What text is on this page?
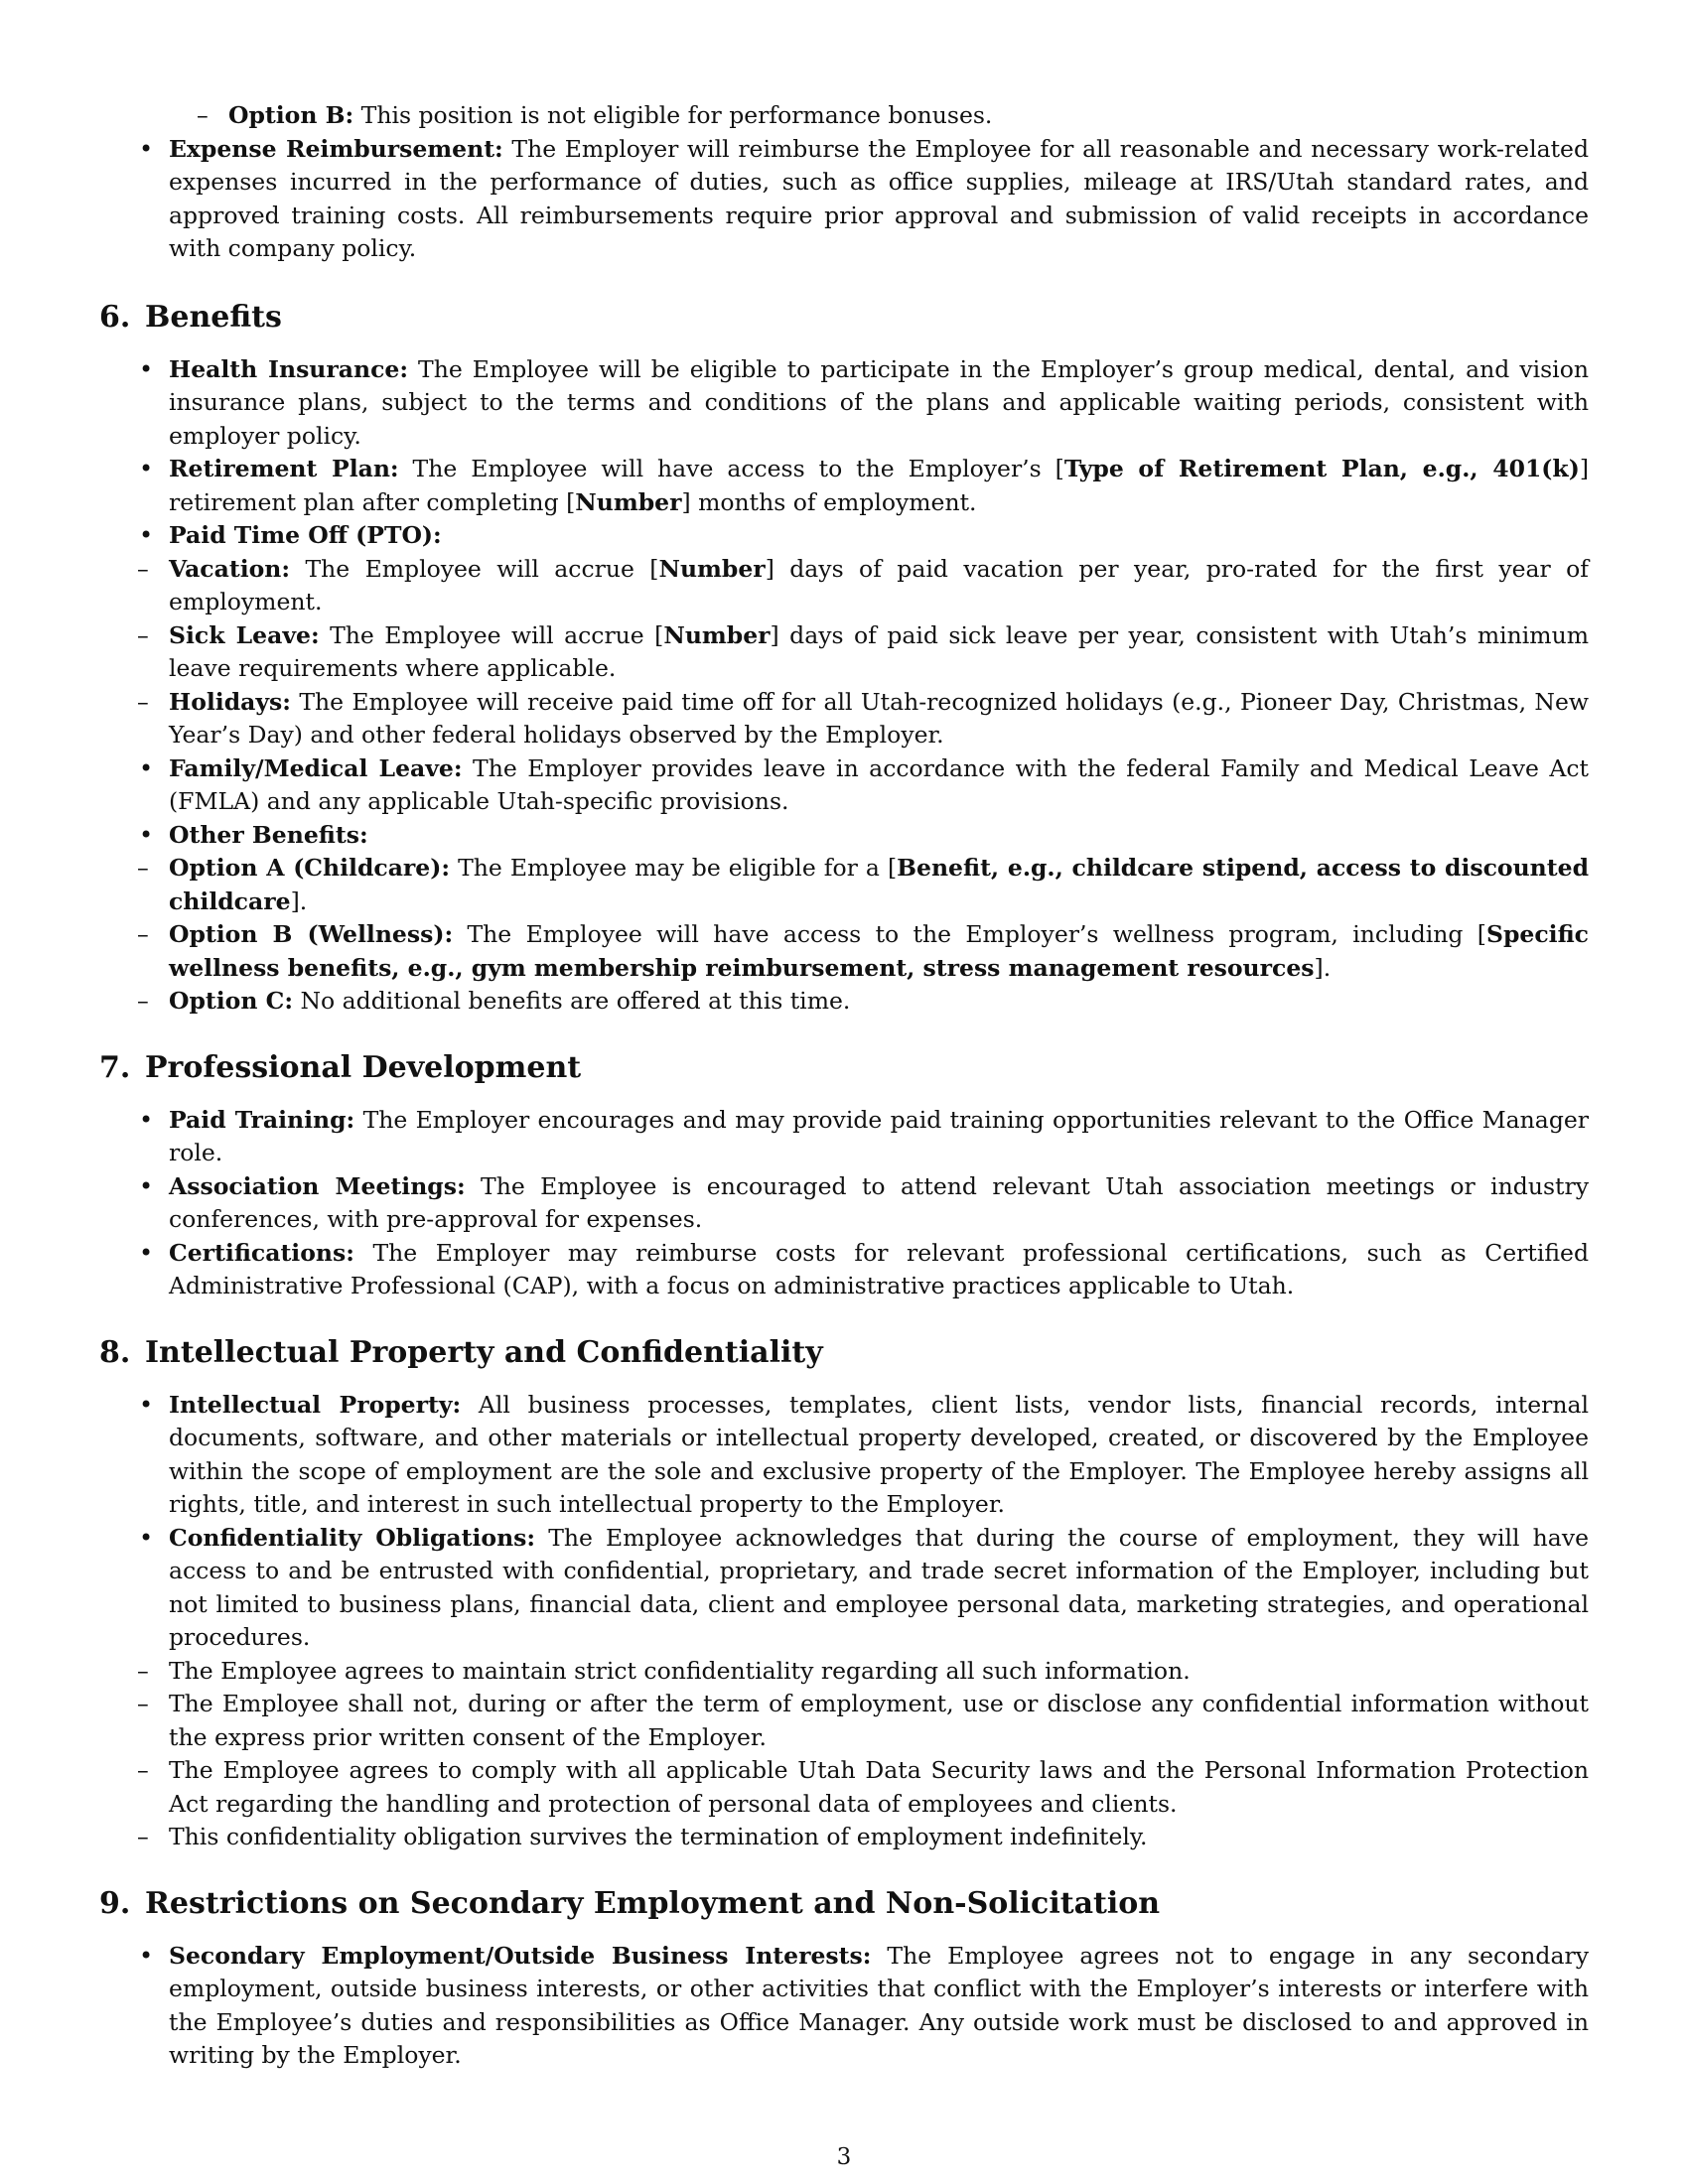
– Option B: This position is not eligible for performance bonuses.
• Expense Reimbursement: The Employer will reimburse the Employee for all reasonable and necessary work-related expenses incurred in the performance of duties, such as office supplies, mileage at IRS/Utah standard rates, and approved training costs. All reimbursements require prior approval and submission of valid receipts in accordance with company policy.
6. Benefits
• Health Insurance: The Employee will be eligible to participate in the Employer’s group medical, dental, and vision insurance plans, subject to the terms and conditions of the plans and applicable waiting periods, consistent with employer policy.
• Retirement Plan: The Employee will have access to the Employer’s [Type of Retirement Plan, e.g., 401(k)] retirement plan after completing [Number] months of employment.
• Paid Time Off (PTO):
– Vacation: The Employee will accrue [Number] days of paid vacation per year, pro-rated for the first year of employment.
– Sick Leave: The Employee will accrue [Number] days of paid sick leave per year, consistent with Utah’s minimum leave requirements where applicable.
– Holidays: The Employee will receive paid time off for all Utah-recognized holidays (e.g., Pioneer Day, Christmas, New Year’s Day) and other federal holidays observed by the Employer.
• Family/Medical Leave: The Employer provides leave in accordance with the federal Family and Medical Leave Act (FMLA) and any applicable Utah-specific provisions.
• Other Benefits:
– Option A (Childcare): The Employee may be eligible for a [Benefit, e.g., childcare stipend, access to discounted childcare].
– Option B (Wellness): The Employee will have access to the Employer’s wellness program, including [Specific wellness benefits, e.g., gym membership reimbursement, stress management resources].
– Option C: No additional benefits are offered at this time.
7. Professional Development
• Paid Training: The Employer encourages and may provide paid training opportunities relevant to the Office Manager role.
• Association Meetings: The Employee is encouraged to attend relevant Utah association meetings or industry conferences, with pre-approval for expenses.
• Certifications: The Employer may reimburse costs for relevant professional certifications, such as Certified Administrative Professional (CAP), with a focus on administrative practices applicable to Utah.
8. Intellectual Property and Confidentiality
• Intellectual Property: All business processes, templates, client lists, vendor lists, financial records, internal documents, software, and other materials or intellectual property developed, created, or discovered by the Employee within the scope of employment are the sole and exclusive property of the Employer. The Employee hereby assigns all rights, title, and interest in such intellectual property to the Employer.
• Confidentiality Obligations: The Employee acknowledges that during the course of employment, they will have access to and be entrusted with confidential, proprietary, and trade secret information of the Employer, including but not limited to business plans, financial data, client and employee personal data, marketing strategies, and operational procedures.
– The Employee agrees to maintain strict confidentiality regarding all such information.
– The Employee shall not, during or after the term of employment, use or disclose any confidential information without the express prior written consent of the Employer.
– The Employee agrees to comply with all applicable Utah Data Security laws and the Personal Information Protection Act regarding the handling and protection of personal data of employees and clients.
– This confidentiality obligation survives the termination of employment indefinitely.
9. Restrictions on Secondary Employment and Non-Solicitation
• Secondary Employment/Outside Business Interests: The Employee agrees not to engage in any secondary employment, outside business interests, or other activities that conflict with the Employer’s interests or interfere with the Employee’s duties and responsibilities as Office Manager. Any outside work must be disclosed to and approved in writing by the Employer.
3
